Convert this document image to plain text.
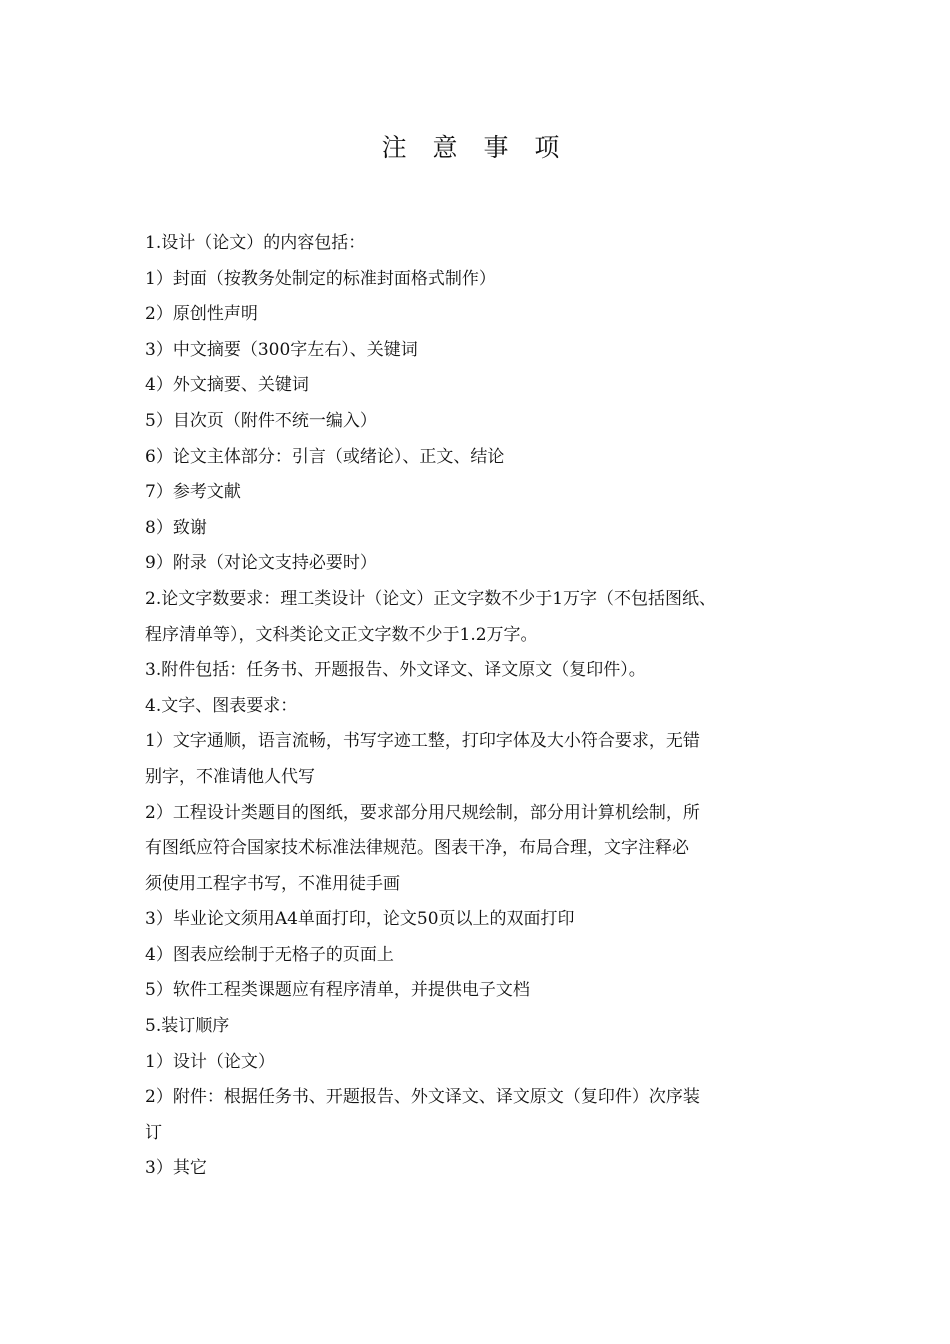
注 意 事 项

1.设计（论文）的内容包括：

1）封面（按教务处制定的标准封面格式制作）

2）原创性声明

3）中文摘要（300字左右）、关键词

4）外文摘要、关键词

5）目次页（附件不统一编入）

6）论文主体部分：引言（或绪论）、正文、结论

7）参考文献

8）致谢

9）附录（对论文支持必要时）

2.论文字数要求：理工类设计（论文）正文字数不少于1万字（不包括图纸、

程序清单等），文科类论文正文字数不少于1.2万字。

3.附件包括：任务书、开题报告、外文译文、译文原文（复印件）。

4.文字、图表要求：

1）文字通顺，语言流畅，书写字迹工整，打印字体及大小符合要求，无错

别字，不准请他人代写

2）工程设计类题目的图纸，要求部分用尺规绘制，部分用计算机绘制，所

有图纸应符合国家技术标准法律规范。图表干净，布局合理，文字注释必

须使用工程字书写，不准用徒手画

3）毕业论文须用A4单面打印，论文50页以上的双面打印

4）图表应绘制于无格子的页面上

5）软件工程类课题应有程序清单，并提供电子文档

5.装订顺序

1）设计（论文）

2）附件：根据任务书、开题报告、外文译文、译文原文（复印件）次序装

订

3）其它
